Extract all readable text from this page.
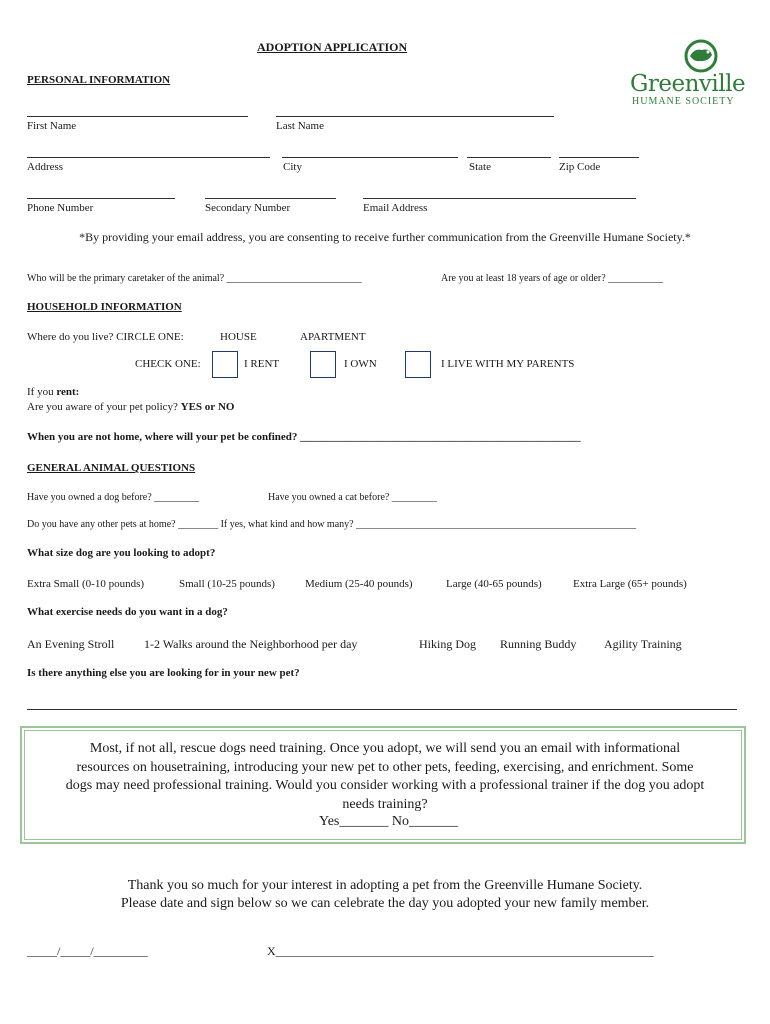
ADOPTION APPLICATION
Greenville
HUMANE SOCIETY
PERSONAL INFORMATION
First Name	Last Name
Address	City	State	Zip Code
Phone Number	Secondary Number	Email Address
*By providing your email address, you are consenting to receive further communication from the Greenville Humane Society.*
Who will be the primary caretaker of the animal? ___________________________	Are you at least 18 years of age or older? ___________
HOUSEHOLD INFORMATION
Where do you live? CIRCLE ONE:	HOUSE	APARTMENT
CHECK ONE:	I RENT	I OWN	I LIVE WITH MY PARENTS
If you rent:
Are you aware of your pet policy? YES or NO
When you are not home, where will your pet be confined? ___________________________________________________
GENERAL ANIMAL QUESTIONS
Have you owned a dog before? _________	Have you owned a cat before? _________
Do you have any other pets at home? ________ If yes, what kind and how many? ________________________________________________________
What size dog are you looking to adopt?
Extra Small (0-10 pounds)	Small (10-25 pounds)	Medium (25-40 pounds)	Large (40-65 pounds)	Extra Large (65+ pounds)
What exercise needs do you want in a dog?
An Evening Stroll 1-2 Walks around the Neighborhood per day	Hiking Dog Running Buddy Agility Training
Is there anything else you are looking for in your new pet?
Most, if not all, rescue dogs need training. Once you adopt, we will send you an email with informational resources on housetraining, introducing your new pet to other pets, feeding, exercising, and enrichment. Some dogs may need professional training. Would you consider working with a professional trainer if the dog you adopt needs training?
Yes_______ No_______
Thank you so much for your interest in adopting a pet from the Greenville Humane Society.
Please date and sign below so we can celebrate the day you adopted your new family member.
_____/_____/_________	X_______________________________________________________________
